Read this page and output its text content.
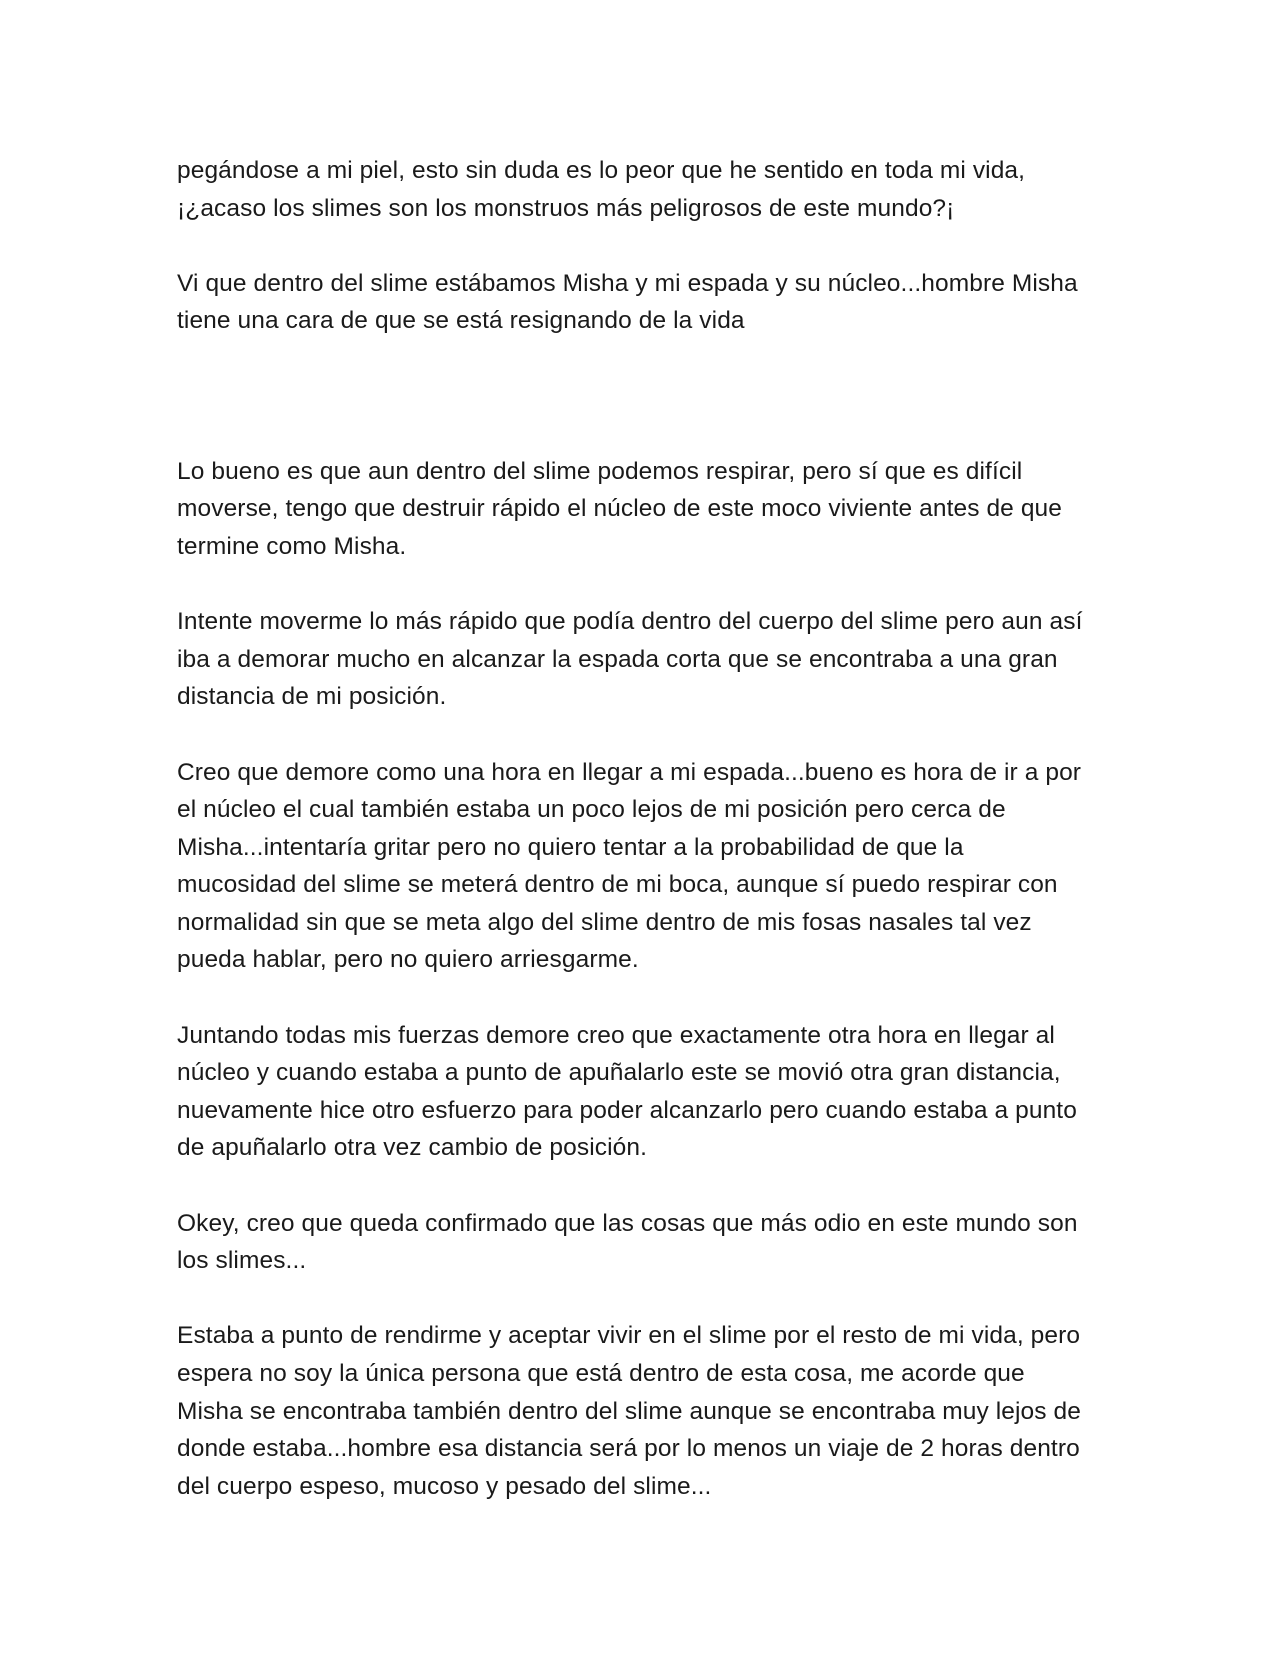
pegándose a mi piel, esto sin duda es lo peor que he sentido en toda mi vida,
¡¿acaso los slimes son los monstruos más peligrosos de este mundo?¡

Vi que dentro del slime estábamos Misha y mi espada y su núcleo...hombre Misha
tiene una cara de que se está resignando de la vida

Lo bueno es que aun dentro del slime podemos respirar, pero sí que es difícil
moverse, tengo que destruir rápido el núcleo de este moco viviente antes de que
termine como Misha.

Intente moverme lo más rápido que podía dentro del cuerpo del slime pero aun así
iba a demorar mucho en alcanzar la espada corta que se encontraba a una gran
distancia de mi posición.

Creo que demore como una hora en llegar a mi espada...bueno es hora de ir a por
el núcleo el cual también estaba un poco lejos de mi posición pero cerca de
Misha...intentaría gritar pero no quiero tentar a la probabilidad de que la
mucosidad del slime se meterá dentro de mi boca, aunque sí puedo respirar con
normalidad sin que se meta algo del slime dentro de mis fosas nasales tal vez
pueda hablar, pero no quiero arriesgarme.

Juntando todas mis fuerzas demore creo que exactamente otra hora en llegar al
núcleo y cuando estaba a punto de apuñalarlo este se movió otra gran distancia,
nuevamente hice otro esfuerzo para poder alcanzarlo pero cuando estaba a punto
de apuñalarlo otra vez cambio de posición.

Okey, creo que queda confirmado que las cosas que más odio en este mundo son
los slimes...

Estaba a punto de rendirme y aceptar vivir en el slime por el resto de mi vida, pero
espera no soy la única persona que está dentro de esta cosa, me acorde que
Misha se encontraba también dentro del slime aunque se encontraba muy lejos de
donde estaba...hombre esa distancia será por lo menos un viaje de 2 horas dentro
del cuerpo espeso, mucoso y pesado del slime...
